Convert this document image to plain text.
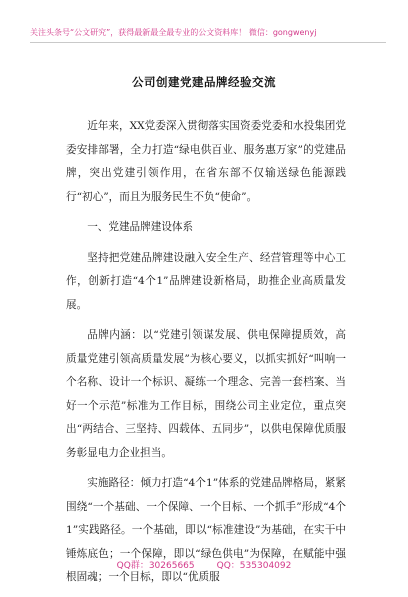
关注头条号“公文研究”，获得最新最全最专业的公文资料库！ 微信：gongwenyj
公司创建党建品牌经验交流

近年来，XX党委深入贯彻落实国资委党委和水投集团党委安排部署，全力打造“绿电供百业、服务惠万家”的党建品牌，突出党建引领作用，在省东部不仅输送绿色能源践行“初心”，而且为服务民生不负“使命”。

一、党建品牌建设体系

坚持把党建品牌建设融入安全生产、经营管理等中心工作，创新打造“4个1”品牌建设新格局，助推企业高质量发展。

品牌内涵：以“党建引领谋发展、供电保障提质效，高质量党建引领高质量发展”为核心要义，以抓实抓好“叫响一个名称、设计一个标识、凝练一个理念、完善一套档案、当好一个示范”标准为工作目标，围绕公司主业定位，重点突出“两结合、三坚持、四载体、五同步”，以供电保障优质服务彰显电力企业担当。

实施路径：倾力打造“4个1”体系的党建品牌格局，紧紧围绕“一个基础、一个保障、一个目标、一个抓手”形成“4个1”实践路径。一个基础，即以“标准建设”为基础，在实干中锤炼底色；一个保障，即以“绿色供电”为保障，在赋能中强根固魂；一个目标，即以“优质服

QQ群：30265665 QQ：535304092
